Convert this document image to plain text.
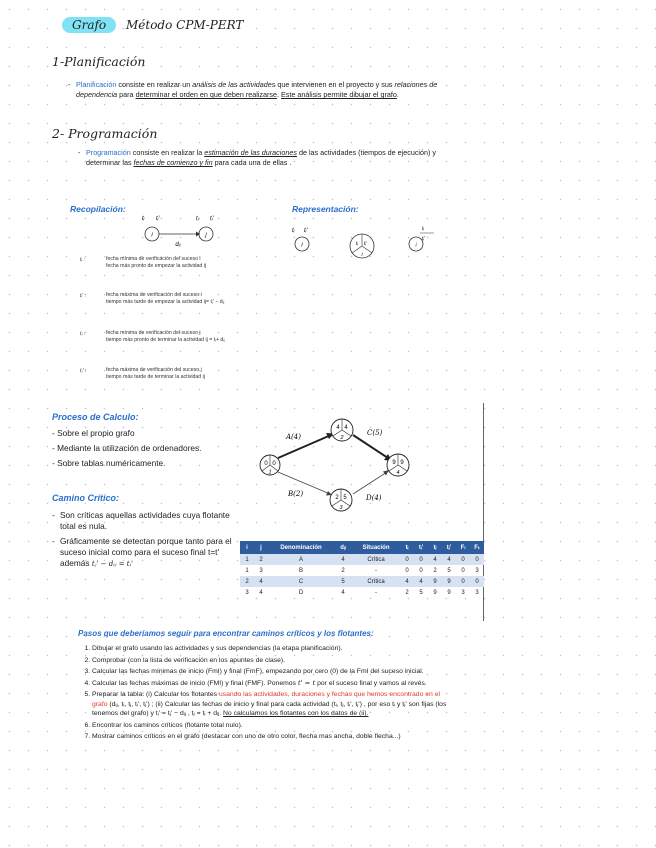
Grafo Método CPM-PERT
1-Planificación
- Planificación consiste en realizar un análisis de las actividades que intervienen en el proyecto y sus relaciones de dependencia para determinar el orden en que deben realizarse. Este análisis permite dibujar el grafo.
2- Programación
- Programación consiste en realizar la estimación de las duraciones de las actividades (tiempos de ejecución) y determinar las fechas de comienzo y fin para cada una de ellas .
Recopilación:
tᵢ tᵢ'	tⱼ tⱼ'
i	j
dᵢⱼ
Representación:
tᵢ tᵢ'
i	tᵢ tᵢ'
i
i
tᵢ
tᵢ'
tᵢ :	fecha mínima de verificación del suceso i
fecha más pronto de empezar la actividad ij
tᵢ' :	fecha máxima de verificación del suceso i
tiempo más tarde de empezar la actividad ij= tⱼ' − dᵢⱼ
tⱼ :	fecha mínima de verificación del suceso j
tiempo más pronto de terminar la actividad ij = tᵢ+ dᵢⱼ
tⱼ' :	fecha máxima de verificación del suceso j
tiempo más tarde de terminar la actividad ij
Proceso de Calculo:
- Sobre el propio grafo
- Mediante la utilización de ordenadores.
- Sobre tablas numéricamente.
Camino Crítico:
- Son críticas aquellas actividades cuya flotante total es nula.
- Gráficamente se detectan porque tanto para el suceso inicial como para el suceso final t=t' además tⱼ' − dᵢⱼ = tᵢ'
A(4)	C(5)
B(2)	D(4)
0 0
1
4 4
2
2 5
3
9 9
4
i	j	Denominación	dᵢⱼ	Situación	tᵢ	tᵢ'	tⱼ	tⱼ'	Fₗ	Fₜ
1	2	A	4	Crítica	0	0	4	4	0	0
1	3	B	2	-	0	0	2	5	0	3
2	4	C	5	Crítica	4	4	9	9	0	0
3	4	D	4	-	2	5	9	9	3	3
Pasos que deberíamos seguir para encontrar caminos críticos y los flotantes:
1. Dibujar el grafo usando las actividades y sus dependencias (la etapa planificación).
2. Comprobar (con la lista de verificación en los apuntes de clase).
3. Calcular las fechas mínimas de inicio (FmI) y final (FmF), empezando por cero (0) de la FmI del suceso inicial.
4. Calcular las fechas máximas de inicio (FMI) y final (FMF). Ponemos t' = t por el suceso final y vamos al revés.
5. Preparar la tabla: (i) Calcular los flotantes usando las actividades, duraciones y fechas que hemos encontrado en el grafo (dᵢⱼ, tᵢ, tⱼ, tᵢ', tⱼ') ; (ii) Calcular las fechas de inicio y final para cada actividad (tᵢ, tⱼ, tᵢ', tⱼ') , por eso tᵢ y tⱼ' son fijas (los tenemos del grafo) y tᵢ' = tⱼ' − dᵢⱼ , tⱼ = tᵢ + dᵢⱼ. No calculamos los flotantes con los datos de (ii).
6. Encontrar los caminos críticos (flotante total nulo).
7. Mostrar caminos críticos en el grafo (destacar con uno de otro color, flecha mas ancha, doble flecha...)
